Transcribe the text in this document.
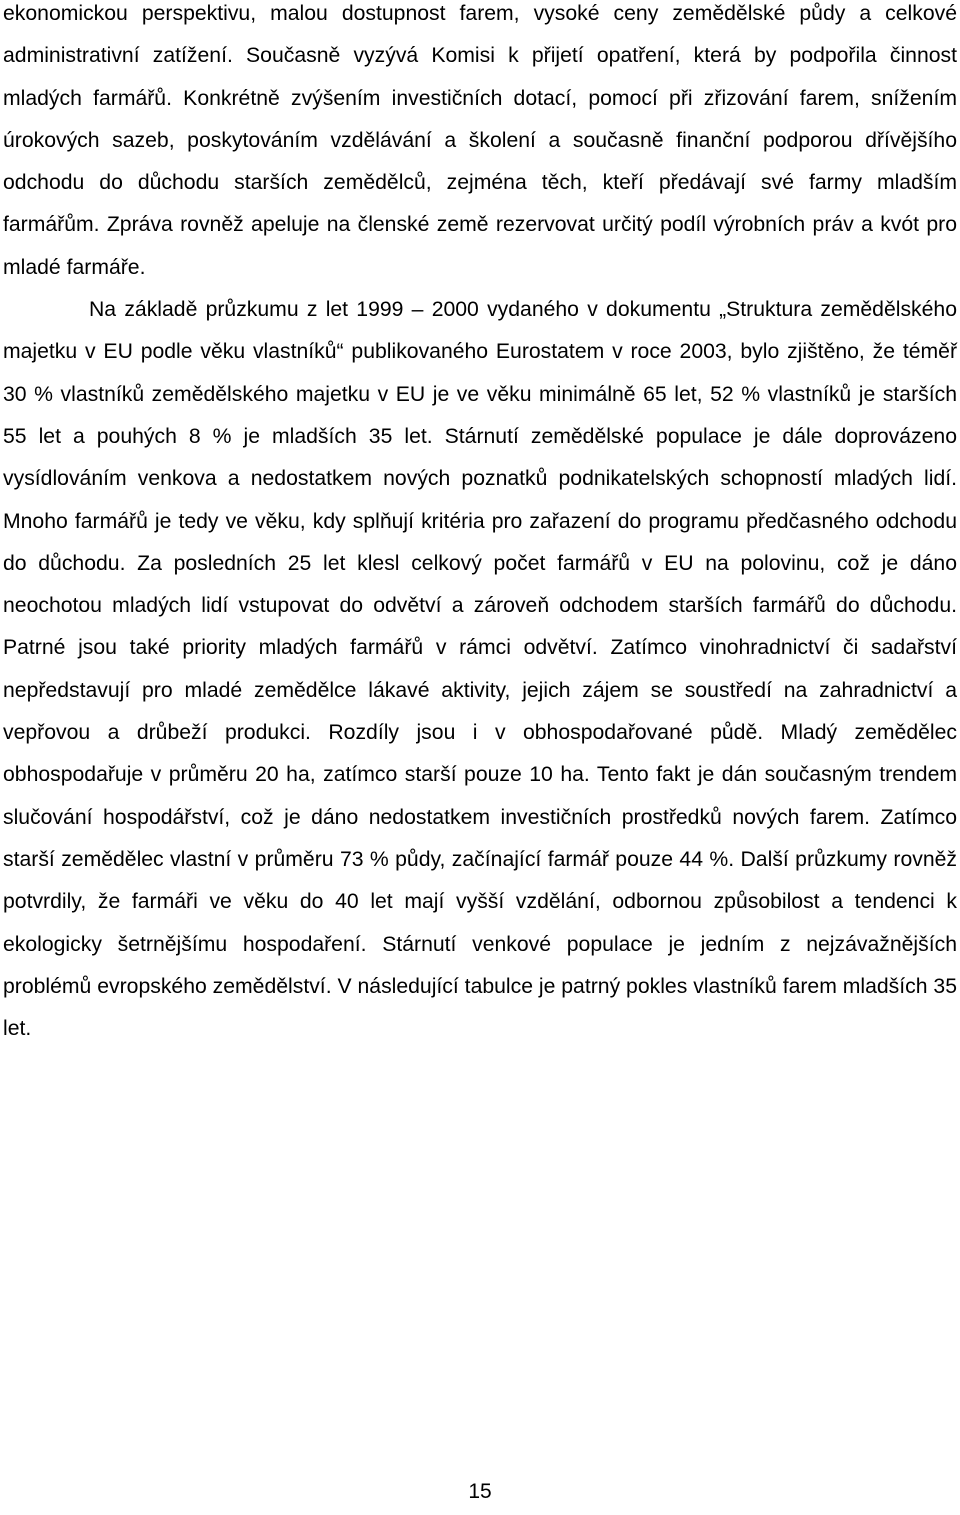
ekonomickou perspektivu, malou dostupnost farem, vysoké ceny zemědělské půdy a celkové administrativní zatížení. Současně vyzývá Komisi k přijetí opatření, která by podpořila činnost mladých farmářů. Konkrétně zvýšením investičních dotací, pomocí při zřizování farem, snížením úrokových sazeb, poskytováním vzdělávání a školení a současně finanční podporou dřívějšího odchodu do důchodu starších zemědělců, zejména těch, kteří předávají své farmy mladším farmářům. Zpráva rovněž apeluje na členské země rezervovat určitý podíl výrobních práv a kvót pro mladé farmáře.

Na základě průzkumu z let 1999 – 2000 vydaného v dokumentu „Struktura zemědělského majetku v EU podle věku vlastníků“ publikovaného Eurostatem v roce 2003, bylo zjištěno, že téměř 30 % vlastníků zemědělského majetku v EU je ve věku minimálně 65 let, 52 % vlastníků je starších 55 let a pouhých 8 % je mladších 35 let. Stárnutí zemědělské populace je dále doprovázeno vysídlováním venkova a nedostatkem nových poznatků podnikatelských schopností mladých lidí. Mnoho farmářů je tedy ve věku, kdy splňují kritéria pro zařazení do programu předčasného odchodu do důchodu. Za posledních 25 let klesl celkový počet farmářů v EU na polovinu, což je dáno neochotou mladých lidí vstupovat do odvětví a zároveň odchodem starších farmářů do důchodu. Patrné jsou také priority mladých farmářů v rámci odvětví. Zatímco vinohradnictví či sadařství nepředstavují pro mladé zemědělce lákavé aktivity, jejich zájem se soustředí na zahradnictví a vepřovou a drůbeží produkci. Rozdíly jsou i v obhospodařované půdě. Mladý zemědělec obhospodařuje v průměru 20 ha, zatímco starší pouze 10 ha. Tento fakt je dán současným trendem slučování hospodářství, což je dáno nedostatkem investičních prostředků nových farem. Zatímco starší zemědělec vlastní v průměru 73 % půdy, začínající farmář pouze 44 %. Další průzkumy rovněž potvrdily, že farmáři ve věku do 40 let mají vyšší vzdělání, odbornou způsobilost a tendenci k ekologicky šetrnějšímu hospodaření. Stárnutí venkové populace je jedním z nejzávažnějších problémů evropského zemědělství. V následující tabulce je patrný pokles vlastníků farem mladších 35 let.

15
